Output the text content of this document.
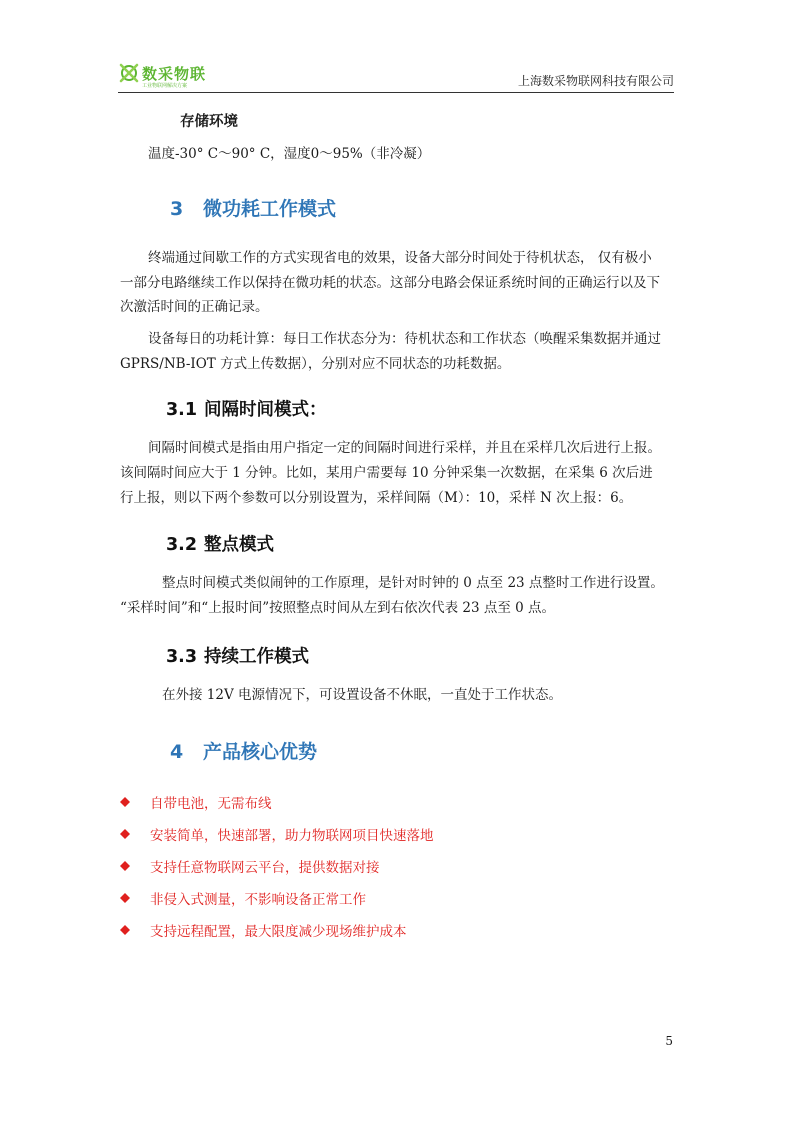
数采物联
工业物联网解决方案	上海数采物联网科技有限公司
存储环境
温度-30° C～90° C，湿度0～95%（非冷凝）
3 微功耗工作模式
终端通过间歇工作的方式实现省电的效果，设备大部分时间处于待机状态， 仅有极小
一部分电路继续工作以保持在微功耗的状态。这部分电路会保证系统时间的正确运行以及下
次激活时间的正确记录。
设备每日的功耗计算：每日工作状态分为：待机状态和工作状态（唤醒采集数据并通过
GPRS/NB-IOT 方式上传数据），分别对应不同状态的功耗数据。
3.1 间隔时间模式：
间隔时间模式是指由用户指定一定的间隔时间进行采样，并且在采样几次后进行上报。
该间隔时间应大于 1 分钟。比如，某用户需要每 10 分钟采集一次数据，在采集 6 次后进
行上报，则以下两个参数可以分别设置为，采样间隔（M）：10，采样 N 次上报：6。
3.2 整点模式
整点时间模式类似闹钟的工作原理，是针对时钟的 0 点至 23 点整时工作进行设置。
“采样时间”和“上报时间”按照整点时间从左到右依次代表 23 点至 0 点。
3.3 持续工作模式
在外接 12V 电源情况下，可设置设备不休眠，一直处于工作状态。
4 产品核心优势
自带电池，无需布线
安装简单，快速部署，助力物联网项目快速落地
支持任意物联网云平台，提供数据对接
非侵入式测量，不影响设备正常工作
支持远程配置，最大限度减少现场维护成本
5
